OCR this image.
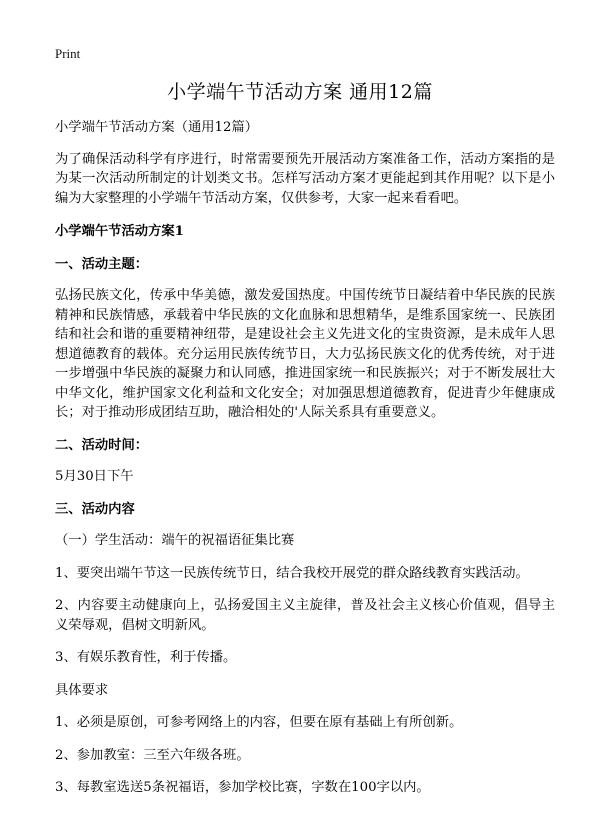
Print
小学端午节活动方案 通用12篇

小学端午节活动方案（通用12篇）

为了确保活动科学有序进行，时常需要预先开展活动方案准备工作，活动方案指的是为某一次活动所制定的计划类文书。怎样写活动方案才更能起到其作用呢？以下是小编为大家整理的小学端午节活动方案，仅供参考，大家一起来看看吧。

小学端午节活动方案1

一、活动主题：

弘扬民族文化，传承中华美德，激发爱国热度。中国传统节日凝结着中华民族的民族精神和民族情感，承载着中华民族的文化血脉和思想精华，是维系国家统一、民族团结和社会和谐的重要精神纽带，是建设社会主义先进文化的宝贵资源，是未成年人思想道德教育的载体。充分运用民族传统节日，大力弘扬民族文化的优秀传统，对于进一步增强中华民族的凝聚力和认同感，推进国家统一和民族振兴；对于不断发展壮大中华文化，维护国家文化利益和文化安全；对加强思想道德教育，促进青少年健康成长；对于推动形成团结互助，融洽相处的'人际关系具有重要意义。

二、活动时间：

5月30日下午

三、活动内容

（一）学生活动：端午的祝福语征集比赛

1、要突出端午节这一民族传统节日，结合我校开展党的群众路线教育实践活动。

2、内容要主动健康向上，弘扬爱国主义主旋律，普及社会主义核心价值观，倡导主义荣辱观，倡树文明新风。

3、有娱乐教育性，利于传播。

具体要求

1、必须是原创，可参考网络上的内容，但要在原有基础上有所创新。

2、参加教室：三至六年级各班。

3、每教室选送5条祝福语，参加学校比赛，字数在100字以内。
